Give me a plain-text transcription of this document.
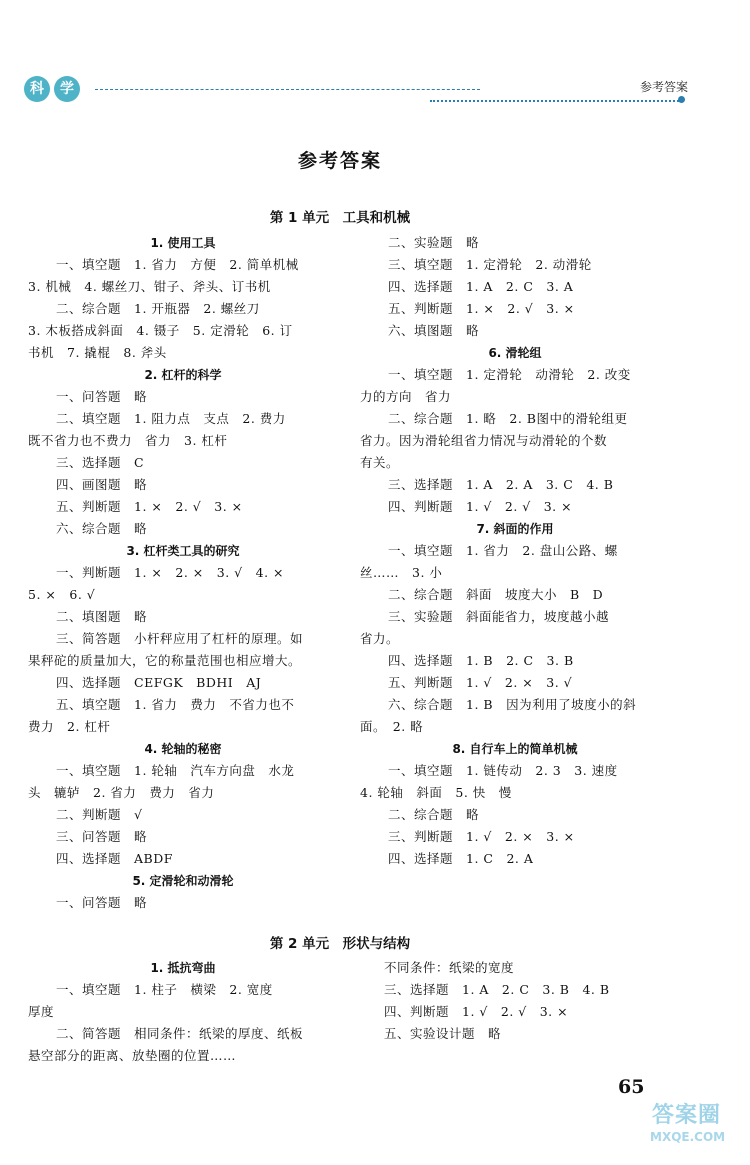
科	学	参考答案
参考答案
第 1 单元　工具和机械
1. 使用工具
一、填空题　1. 省力　方便　2. 简单机械
3. 机械　4. 螺丝刀、钳子、斧头、订书机
二、综合题　1. 开瓶器　2. 螺丝刀
3. 木板搭成斜面　4. 镊子　5. 定滑轮　6. 订
书机　7. 撬棍　8. 斧头
2. 杠杆的科学
一、问答题　略
二、填空题　1. 阻力点　支点　2. 费力
既不省力也不费力　省力　3. 杠杆
三、选择题　C
四、画图题　略
五、判断题　1. ×　2. √　3. ×
六、综合题　略
3. 杠杆类工具的研究
一、判断题　1. ×　2. ×　3. √　4. ×
5. ×　6. √
二、填图题　略
三、简答题　小杆秤应用了杠杆的原理。如
果秤砣的质量加大，它的称量范围也相应增大。
四、选择题　CEFGK　BDHI　AJ
五、填空题　1. 省力　费力　不省力也不
费力　2. 杠杆
4. 轮轴的秘密
一、填空题　1. 轮轴　汽车方向盘　水龙
头　辘轳　2. 省力　费力　省力
二、判断题　√
三、问答题　略
四、选择题　ABDF
5. 定滑轮和动滑轮
一、问答题　略
二、实验题　略
三、填空题　1. 定滑轮　2. 动滑轮
四、选择题　1. A　2. C　3. A
五、判断题　1. ×　2. √　3. ×
六、填图题　略
6. 滑轮组
一、填空题　1. 定滑轮　动滑轮　2. 改变
力的方向　省力
二、综合题　1. 略　2. B图中的滑轮组更
省力。因为滑轮组省力情况与动滑轮的个数
有关。
三、选择题　1. A　2. A　3. C　4. B
四、判断题　1. √　2. √　3. ×
7. 斜面的作用
一、填空题　1. 省力　2. 盘山公路、螺
丝……　3. 小
二、综合题　斜面　坡度大小　B　D
三、实验题　斜面能省力，坡度越小越
省力。
四、选择题　1. B　2. C　3. B
五、判断题　1. √　2. ×　3. √
六、综合题　1. B　因为利用了坡度小的斜
面。　2. 略
8. 自行车上的简单机械
一、填空题　1. 链传动　2. 3　3. 速度
4. 轮轴　斜面　5. 快　慢
二、综合题　略
三、判断题　1. √　2. ×　3. ×
四、选择题　1. C　2. A
第 2 单元　形状与结构
1. 抵抗弯曲
一、填空题　1. 柱子　横梁　2. 宽度
厚度
二、简答题　相同条件：纸梁的厚度、纸板
悬空部分的距离、放垫圈的位置……
不同条件：纸梁的宽度
三、选择题　1. A　2. C　3. B　4. B
四、判断题　1. √　2. √　3. ×
五、实验设计题　略
65
答案圈
MXQE.COM
